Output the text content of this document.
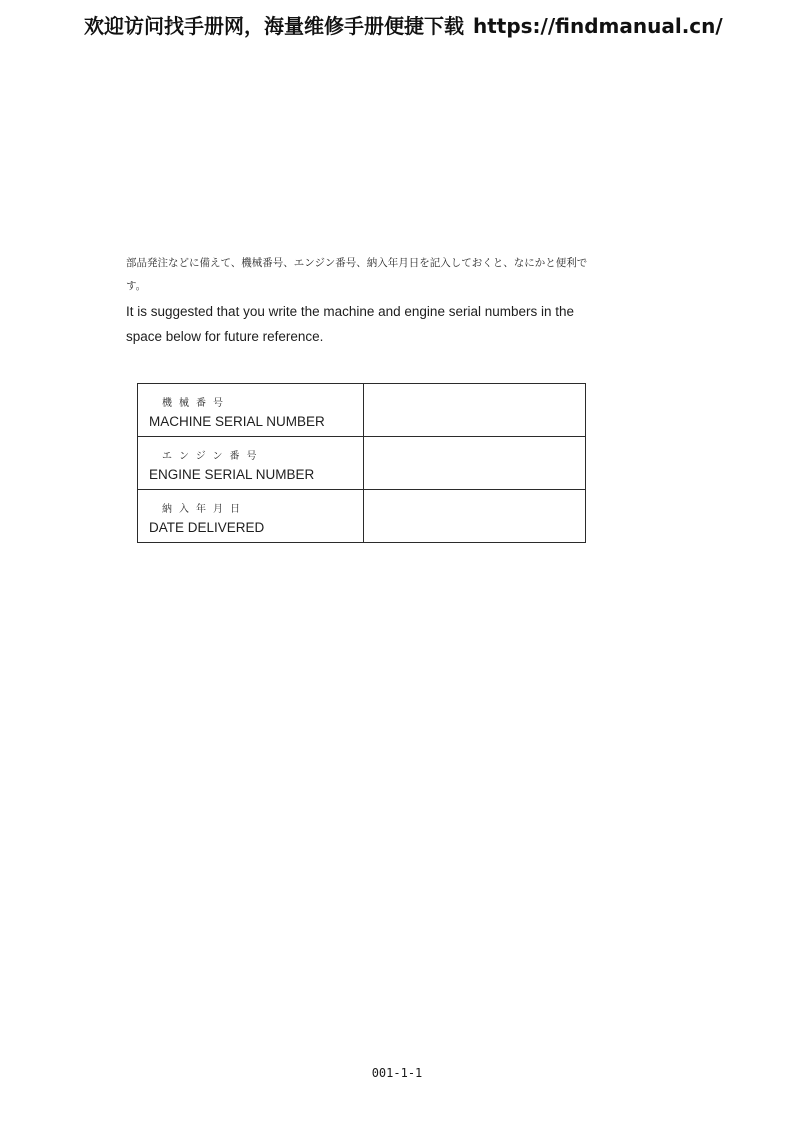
欢迎访问找手册网，海量维修手册便捷下载 https://findmanual.cn/
部品発注などに備えて、機械番号、エンジン番号、納入年月日を記入しておくと、なにかと便利です。
It is suggested that you write the machine and engine serial numbers in the space below for future reference.
機械番号
MACHINE SERIAL NUMBER	

エンジン番号
ENGINE SERIAL NUMBER	

納入年月日
DATE DELIVERED	

001-1-1
